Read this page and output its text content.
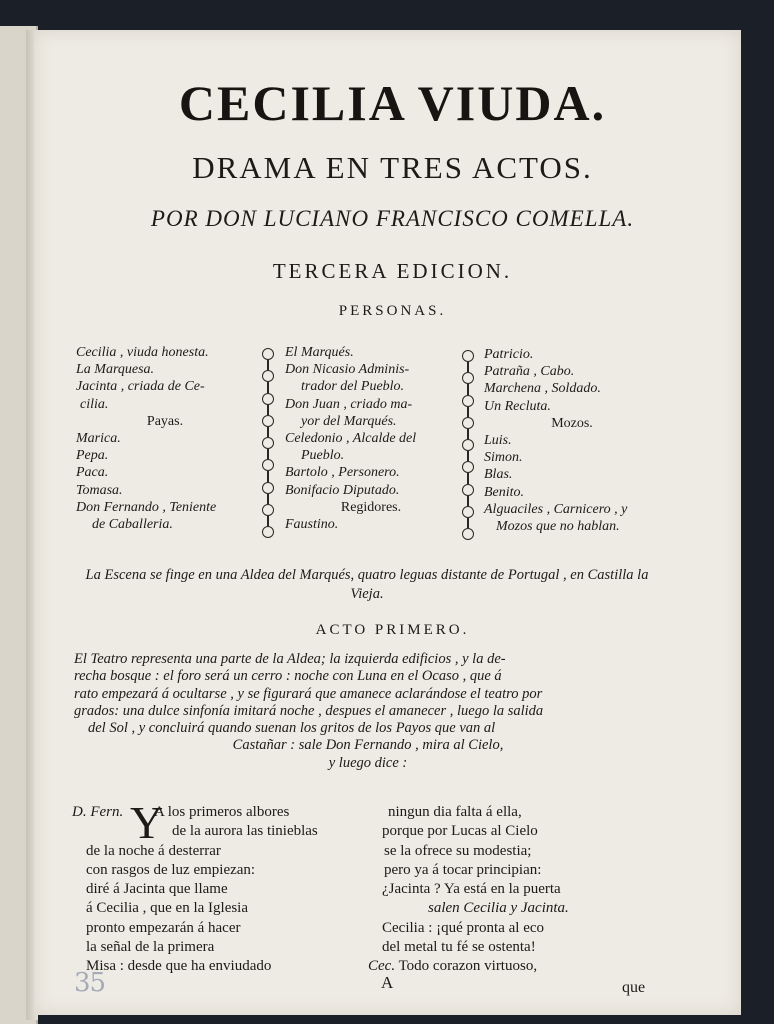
CECILIA VIUDA.
DRAMA EN TRES ACTOS.
POR DON LUCIANO FRANCISCO COMELLA.
TERCERA EDICION.
PERSONAS.
Cecilia , viuda honesta.
La Marquesa.
Jacinta , criada de Ce-
cilia.
Payas.
Marica.
Pepa.
Paca.
Tomasa.
Don Fernando , Teniente
de Caballeria.
El Marqués.
Don Nicasio Adminis-
trador del Pueblo.
Don Juan , criado ma-
yor del Marqués.
Celedonio , Alcalde del
Pueblo.
Bartolo , Personero.
Bonifacio Diputado.
Regidores.
Faustino.
Patricio.
Patraña , Cabo.
Marchena , Soldado.
Un Recluta.
Mozos.
Luis.
Simon.
Blas.
Benito.
Alguaciles , Carnicero , y
Mozos que no hablan.
La Escena se finge en una Aldea del Marqués, quatro leguas distante de Portugal , en Castilla la Vieja.
ACTO PRIMERO.
El Teatro representa una parte de la Aldea; la izquierda edificios , y la de-
recha bosque : el foro será un cerro : noche con Luna en el Ocaso , que á
rato empezará á ocultarse , y se figurará que amanece aclarándose el teatro por
grados: una dulce sinfonía imitará noche , despues el amanecer , luego la salida
del Sol , y concluirá quando suenan los gritos de los Payos que van al
Castañar : sale Don Fernando , mira al Cielo,
y luego dice :
D. Fern. A los primeros albores
de la aurora las tinieblas
de la noche á desterrar
con rasgos de luz empiezan:
diré á Jacinta que llame
á Cecilia , que en la Iglesia
pronto empezarán á hacer
la señal de la primera
Misa : desde que ha enviudado
Y	ningun dia falta á ella,
porque por Lucas al Cielo
se la ofrece su modestia;
pero ya á tocar principian:
¿Jacinta ? Ya está en la puerta
salen Cecilia y Jacinta.
Cecilia : ¡qué pronta al eco
del metal tu fé se ostenta!
Cec. Todo corazon virtuoso,
35	A	que
